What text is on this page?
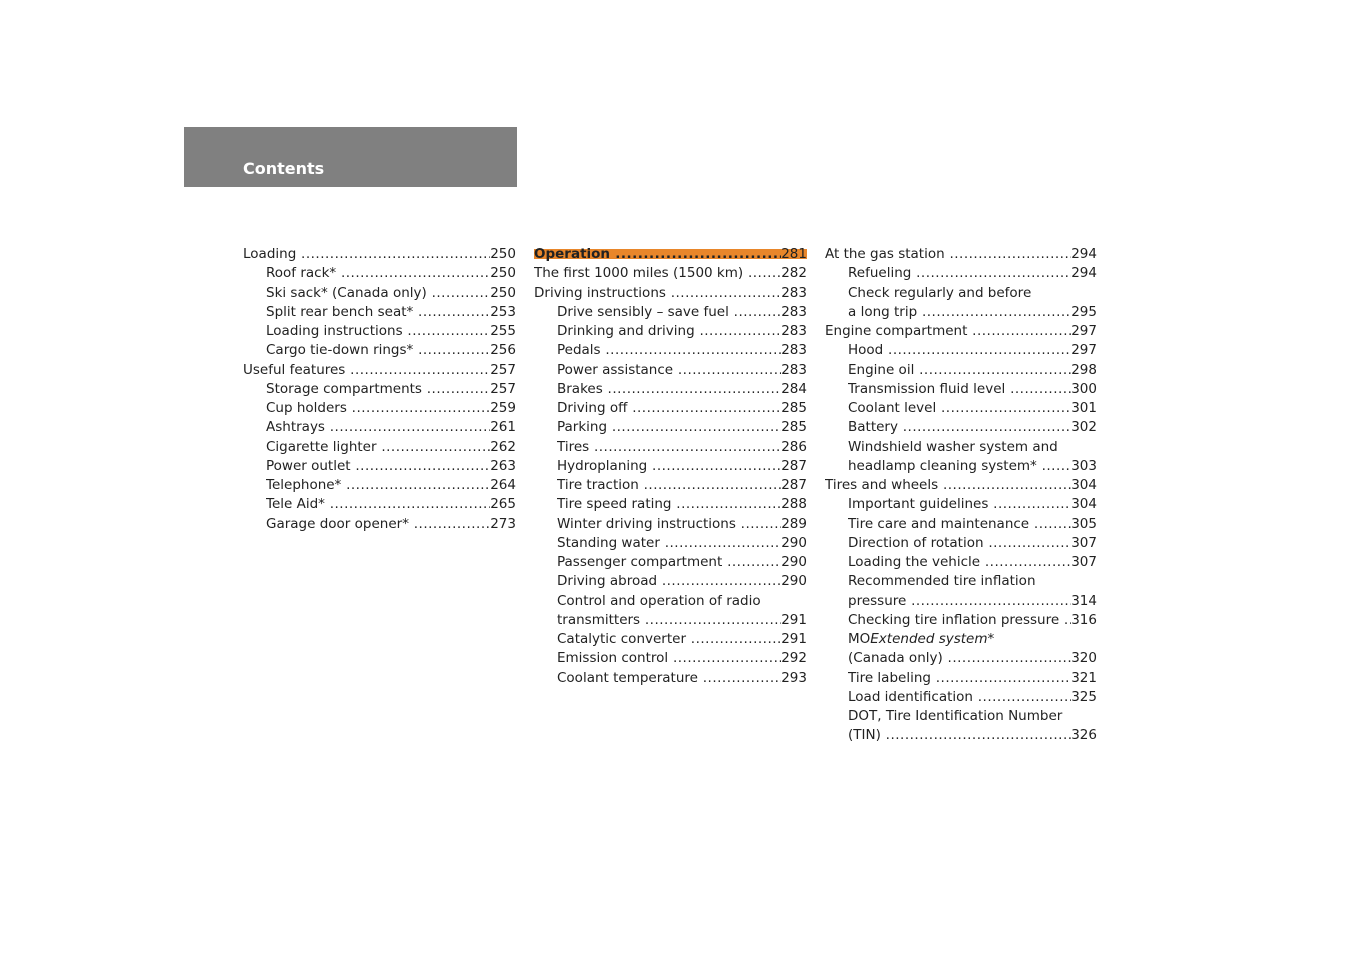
Contents
Loading .....	250
Roof rack* .....	250
Ski sack* (Canada only) .....	250
Split rear bench seat* .....	253
Loading instructions .....	255
Cargo tie-down rings* .....	256
Useful features .....	257
Storage compartments .....	257
Cup holders .....	259
Ashtrays .....	261
Cigarette lighter .....	262
Power outlet .....	263
Telephone* .....	264
Tele Aid* .....	265
Garage door opener* .....	273
Operation .....	281
The first 1000 miles (1500 km) .....	282
Driving instructions .....	283
Drive sensibly – save fuel .....	283
Drinking and driving .....	283
Pedals .....	283
Power assistance .....	283
Brakes .....	284
Driving off .....	285
Parking .....	285
Tires .....	286
Hydroplaning .....	287
Tire traction .....	287
Tire speed rating .....	288
Winter driving instructions .....	289
Standing water .....	290
Passenger compartment .....	290
Driving abroad .....	290
Control and operation of radio
transmitters .....	291
Catalytic converter .....	291
Emission control .....	292
Coolant temperature .....	293
At the gas station .....	294
Refueling .....	294
Check regularly and before
a long trip .....	295
Engine compartment .....	297
Hood .....	297
Engine oil .....	298
Transmission fluid level .....	300
Coolant level .....	301
Battery .....	302
Windshield washer system and
headlamp cleaning system* .....	303
Tires and wheels .....	304
Important guidelines .....	304
Tire care and maintenance .....	305
Direction of rotation .....	307
Loading the vehicle .....	307
Recommended tire inflation
pressure .....	314
Checking tire inflation pressure ..... 316
MOExtended system*
(Canada only) .....	320
Tire labeling .....	321
Load identification .....	325
DOT, Tire Identification Number
(TIN) .....	326
